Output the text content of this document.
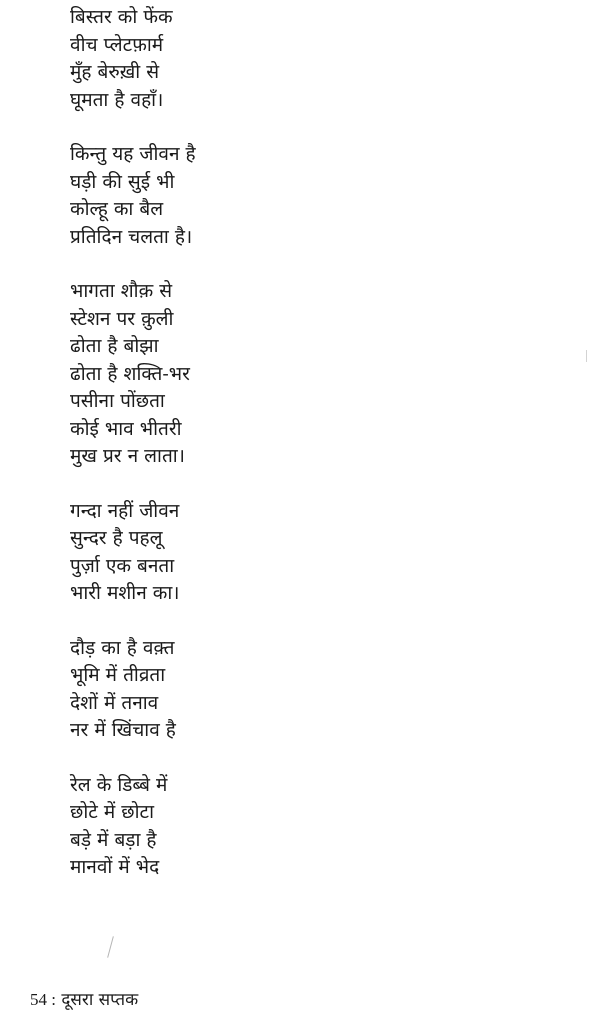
बिस्तर को फेंक
वीच प्लेटफ़ार्म
मुँह बेरुख़ी से
घूमता है वहाँ।
किन्तु यह जीवन है
घड़ी की सुई भी
कोल्हू का बैल
प्रतिदिन चलता है।
भागता शौक़ से
स्टेशन पर क़ुली
ढोता है बोझा
ढोता है शक्ति-भर
पसीना पोंछता
कोई भाव भीतरी
मुख प्रर न लाता।
गन्दा नहीं जीवन
सुन्दर है पहलू
पुर्ज़ा एक बनता
भारी मशीन का।
दौड़ का है वक़्त
भूमि में तीव्रता
देशों में तनाव
नर में खिंचाव है
रेल के डिब्बे में
छोटे में छोटा
बड़े में बड़ा है
मानवों में भेद
54 : दूसरा सप्तक
